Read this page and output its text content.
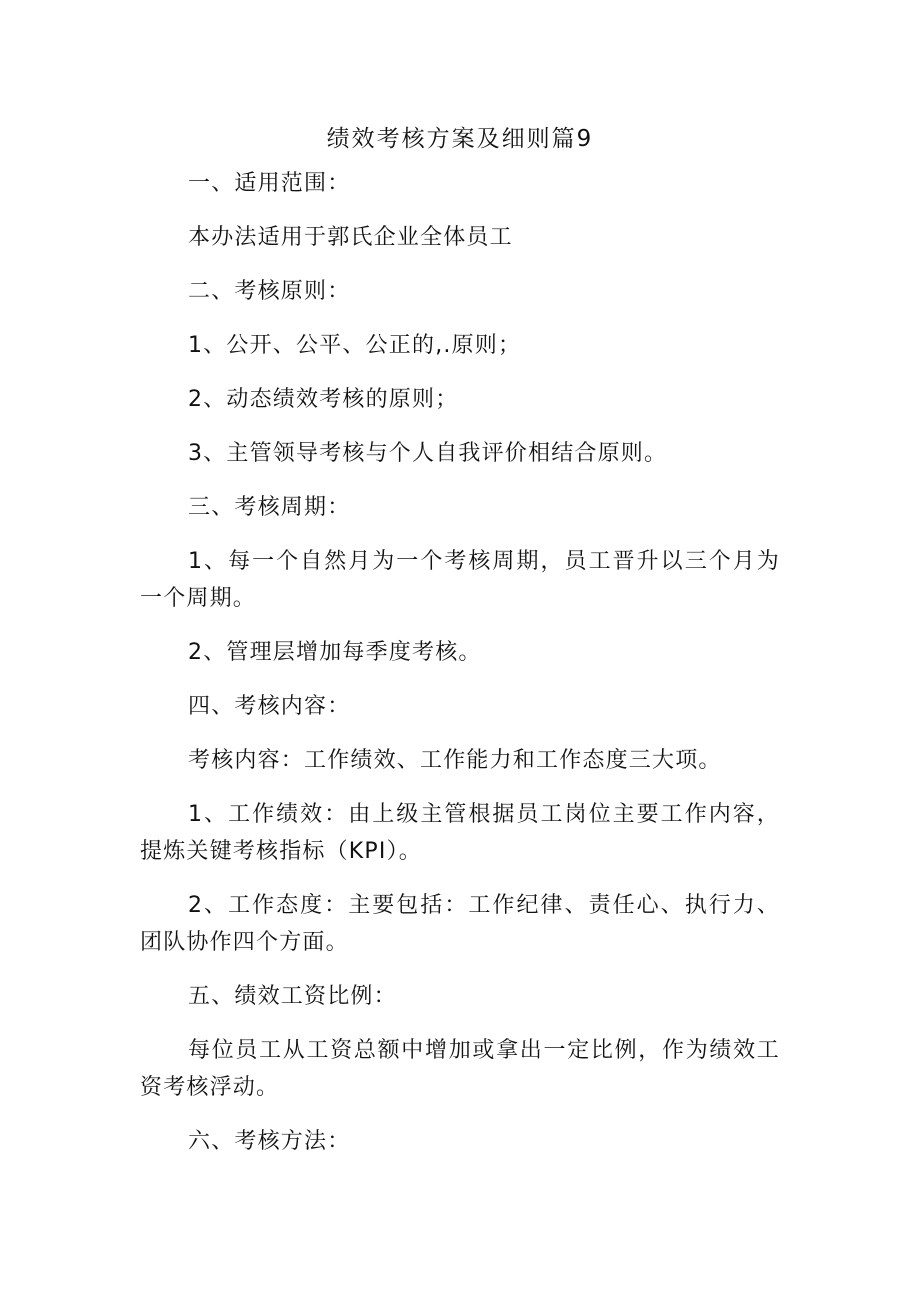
绩效考核方案及细则篇9

一、适用范围：

本办法适用于郭氏企业全体员工

二、考核原则：

1、公开、公平、公正的,.原则；

2、动态绩效考核的原则；

3、主管领导考核与个人自我评价相结合原则。

三、考核周期：

1、每一个自然月为一个考核周期，员工晋升以三个月为一个周期。

2、管理层增加每季度考核。

四、考核内容：

考核内容：工作绩效、工作能力和工作态度三大项。

1、工作绩效：由上级主管根据员工岗位主要工作内容，提炼关键考核指标（KPI）。

2、工作态度：主要包括：工作纪律、责任心、执行力、团队协作四个方面。

五、绩效工资比例：

每位员工从工资总额中增加或拿出一定比例，作为绩效工资考核浮动。

六、考核方法：
